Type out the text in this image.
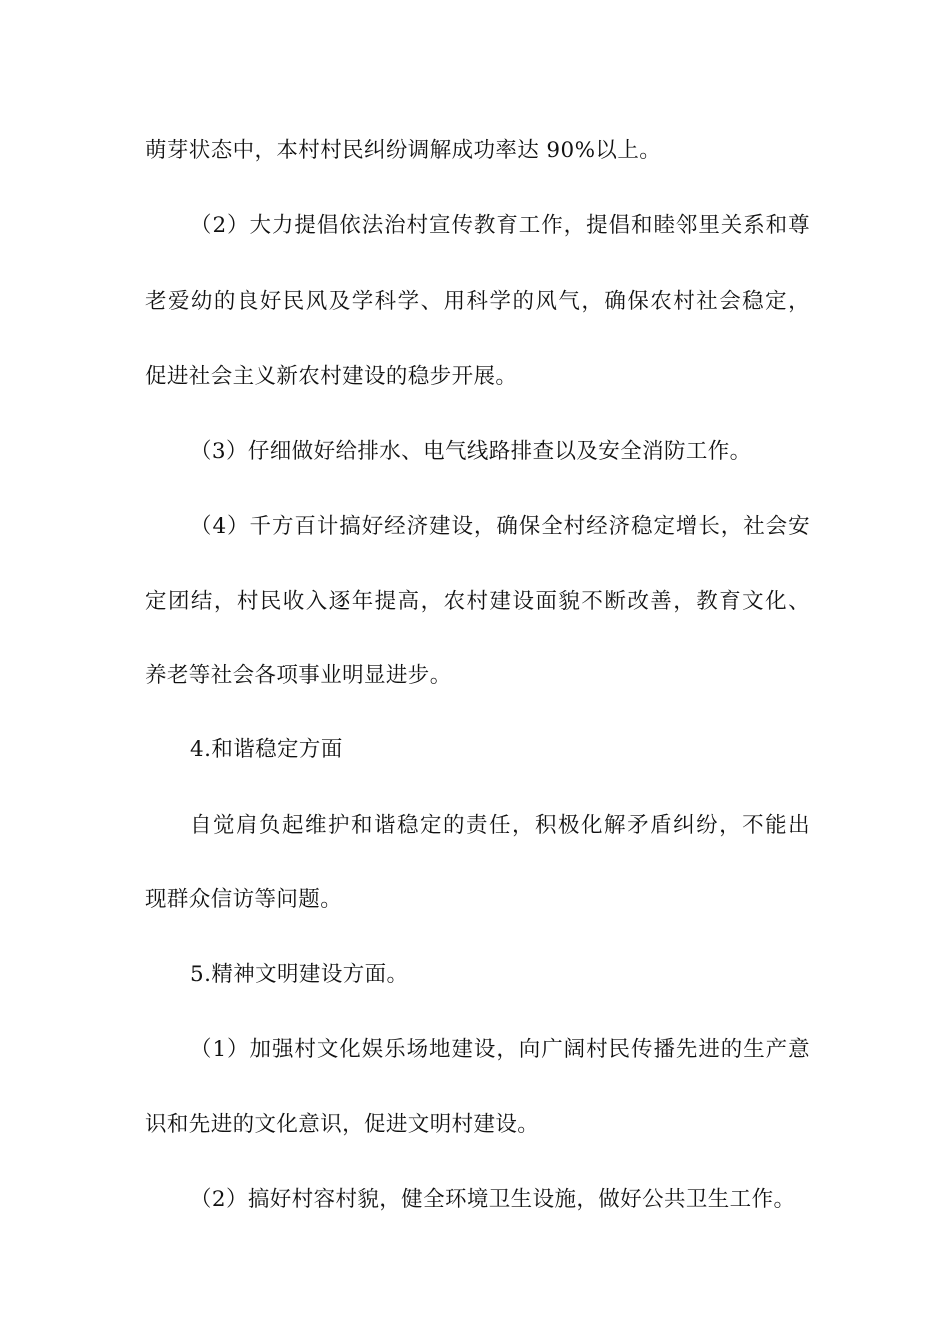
萌芽状态中，本村村民纠纷调解成功率达 90%以上。
（2）大力提倡依法治村宣传教育工作，提倡和睦邻里关系和尊
老爱幼的良好民风及学科学、用科学的风气，确保农村社会稳定，
促进社会主义新农村建设的稳步开展。
（3）仔细做好给排水、电气线路排查以及安全消防工作。
（4）千方百计搞好经济建设，确保全村经济稳定增长，社会安
定团结，村民收入逐年提高，农村建设面貌不断改善，教育文化、
养老等社会各项事业明显进步。
4.和谐稳定方面
自觉肩负起维护和谐稳定的责任，积极化解矛盾纠纷，不能出
现群众信访等问题。
5.精神文明建设方面。
（1）加强村文化娱乐场地建设，向广阔村民传播先进的生产意
识和先进的文化意识，促进文明村建设。
（2）搞好村容村貌，健全环境卫生设施，做好公共卫生工作。
